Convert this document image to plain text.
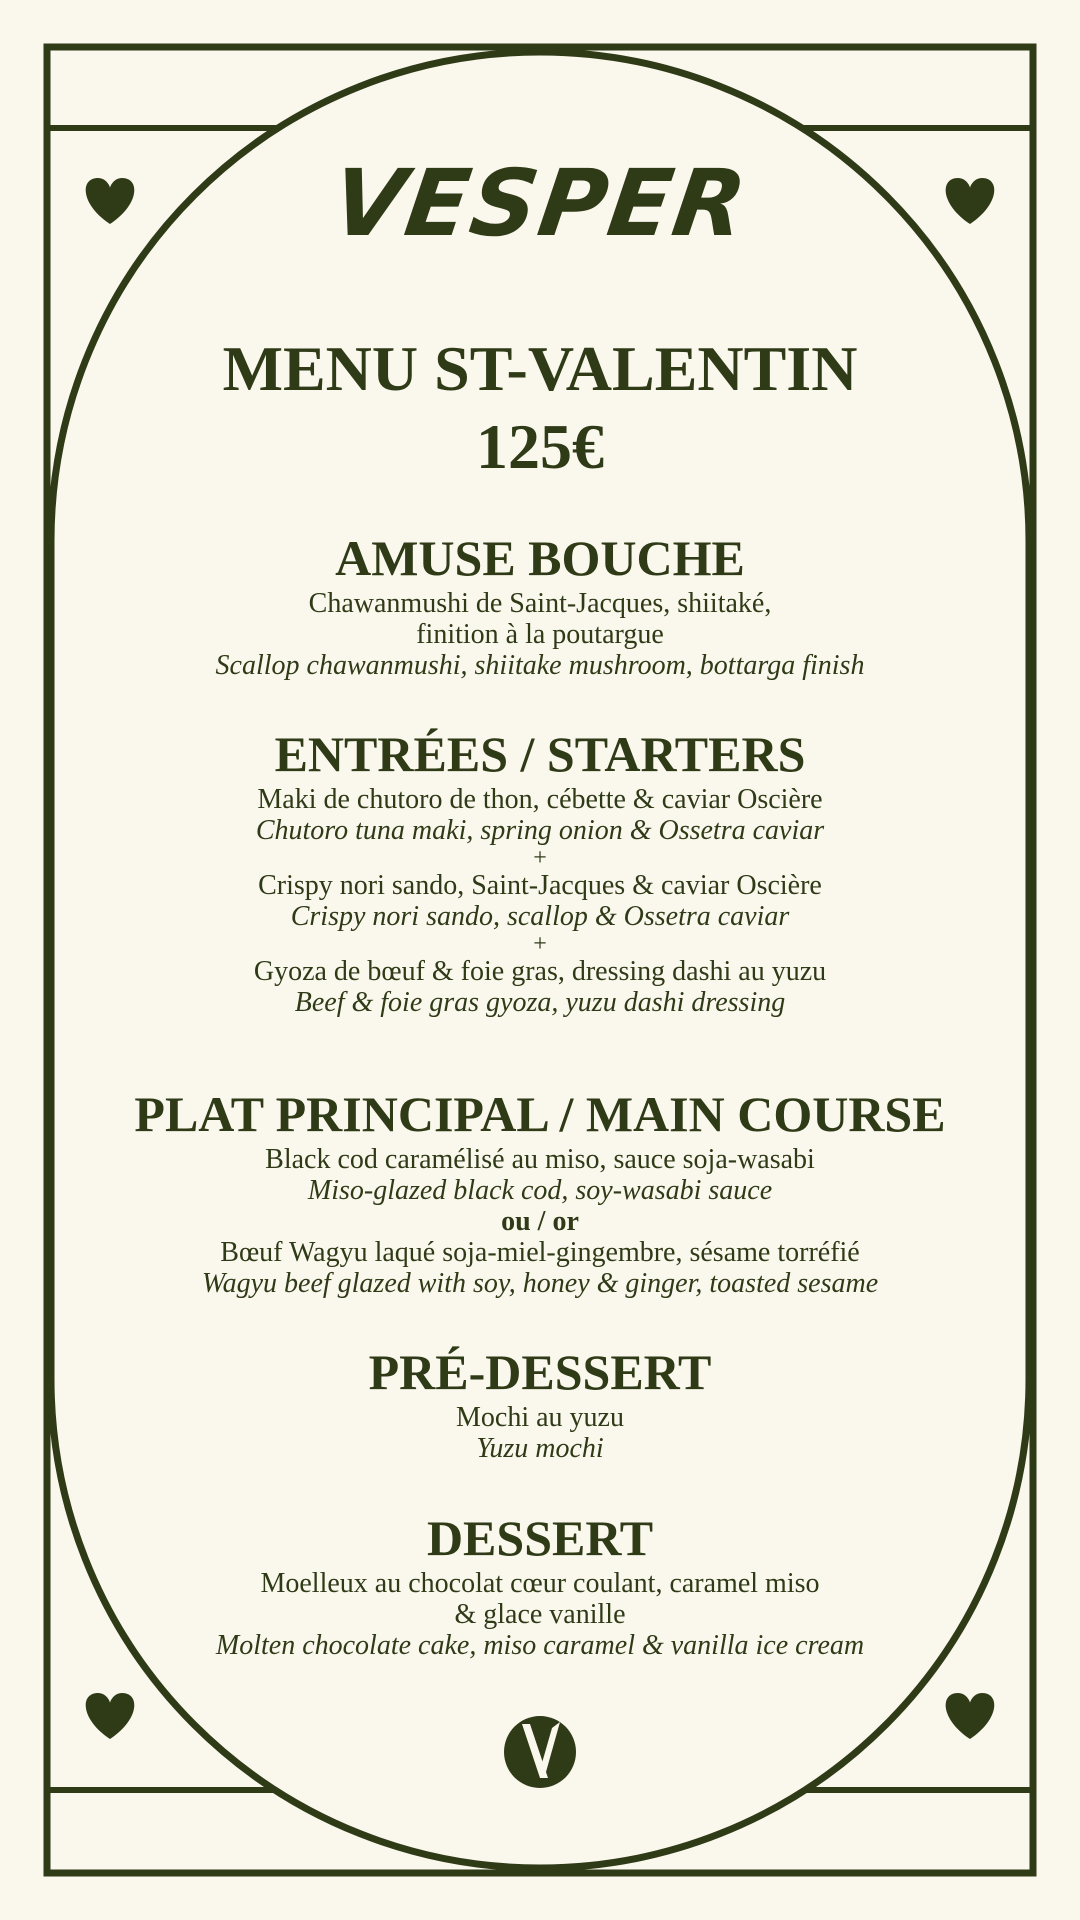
VESPER
MENU ST-VALENTIN
125€

AMUSE BOUCHE

Chawanmushi de Saint-Jacques, shiitaké,

finition à la poutargue

Scallop chawanmushi, shiitake mushroom, bottarga finish

ENTRÉES / STARTERS

Maki de chutoro de thon, cébette & caviar Oscière

Chutoro tuna maki, spring onion & Ossetra caviar

+

Crispy nori sando, Saint-Jacques & caviar Oscière

Crispy nori sando, scallop & Ossetra caviar

+

Gyoza de bœuf & foie gras, dressing dashi au yuzu

Beef & foie gras gyoza, yuzu dashi dressing

PLAT PRINCIPAL / MAIN COURSE

Black cod caramélisé au miso, sauce soja-wasabi

Miso-glazed black cod, soy-wasabi sauce

ou / or

Bœuf Wagyu laqué soja-miel-gingembre, sésame torréfié

Wagyu beef glazed with soy, honey & ginger, toasted sesame

PRÉ-DESSERT

Mochi au yuzu

Yuzu mochi

DESSERT

Moelleux au chocolat cœur coulant, caramel miso

& glace vanille

Molten chocolate cake, miso caramel & vanilla ice cream
